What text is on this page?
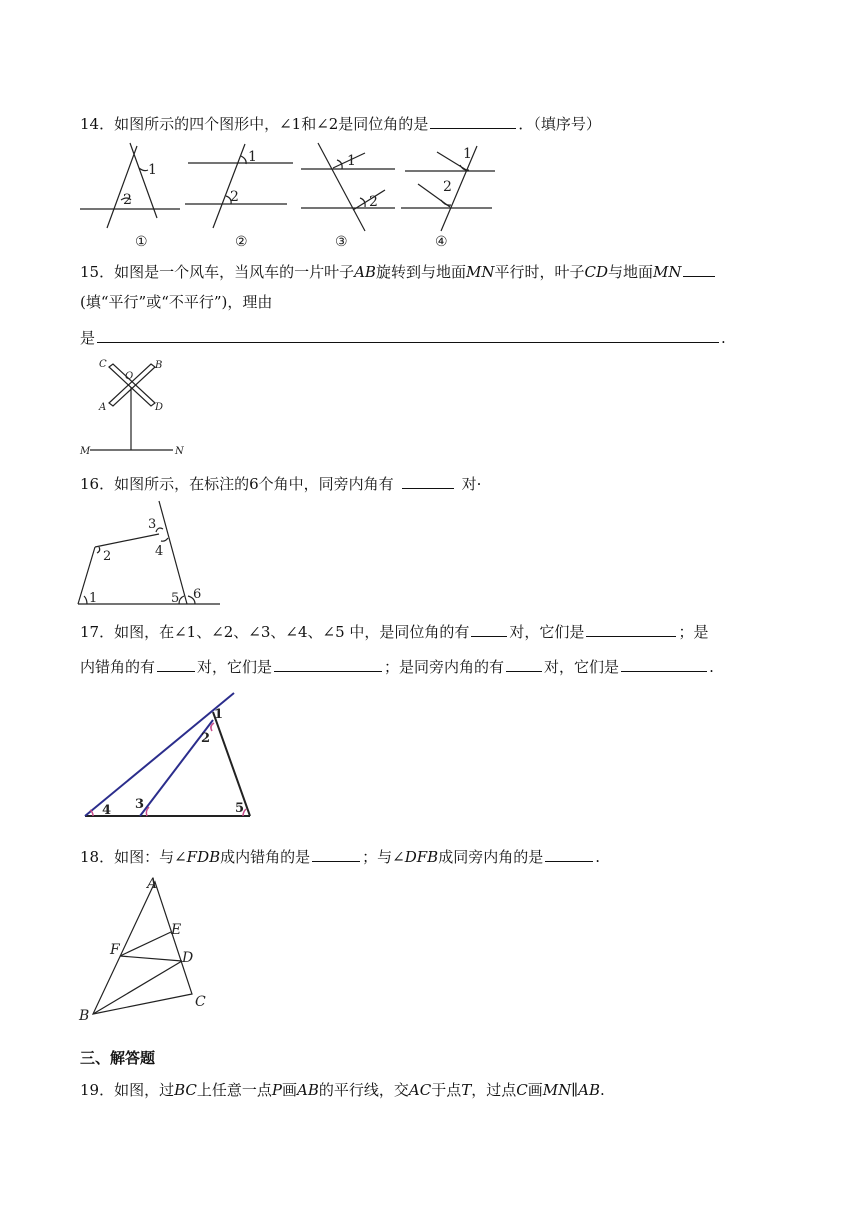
14．如图所示的四个图形中，∠1和∠2是同位角的是	．（填序号）
1
2
1
2
1
2
1
2
①	②	③	④
15．如图是一个风车，当风车的一片叶子AB旋转到与地面MN平行时，叶子CD与地面MN
(填“平行”或“不平行”)，理由
是	.
C
O
B
A	D
M	N
16．如图所示，在标注的6个角中，同旁内角有	对·
1
2
3
4
5 6
17．如图，在∠1、∠2、∠3、∠4、∠5 中，是同位角的有	对，它们是	；是
内错角的有	对，它们是	；是同旁内角的有	对，它们是	.
1
2
3
4	5
18．如图：与∠FDB成内错角的是	；与∠DFB成同旁内角的是	.
A
E
F	D
B
C
三、解答题
19．如图，过BC上任意一点P画AB的平行线，交AC于点T，过点C画MN∥AB.
